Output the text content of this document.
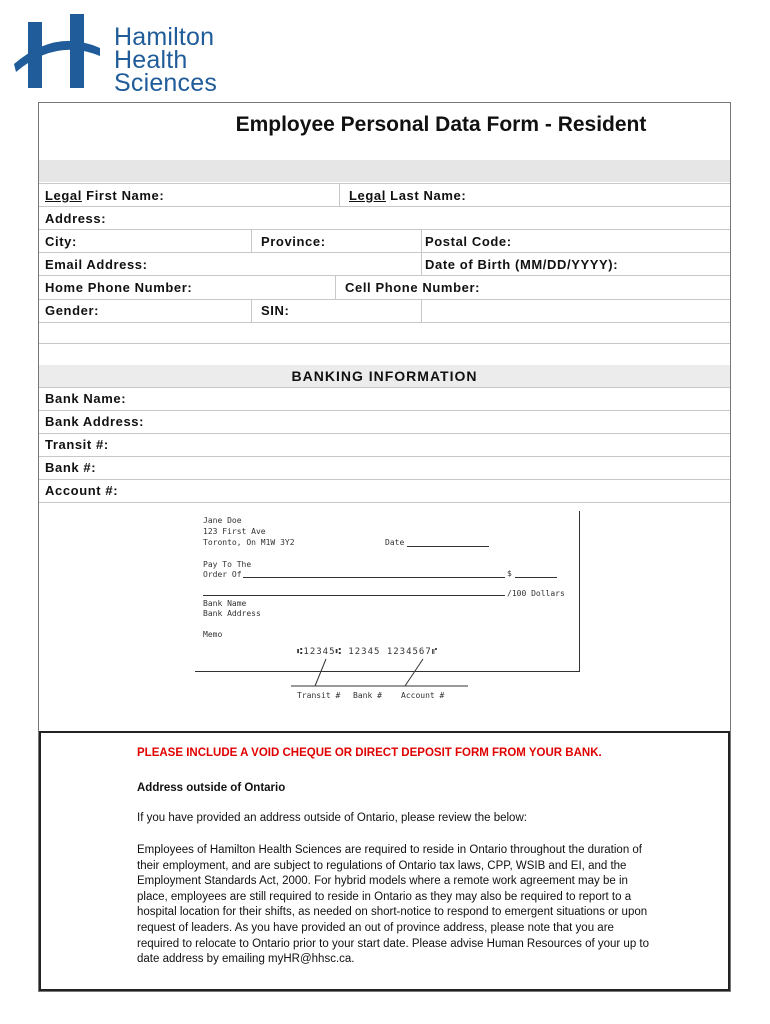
Hamilton
Health
Sciences
Employee Personal Data Form - Resident
Legal First Name:	Legal Last Name:
Address:
City:	Province:	Postal Code:
Email Address:	Date of Birth (MM/DD/YYYY):
Home Phone Number:	Cell Phone Number:
Gender:	SIN:
BANKING INFORMATION
Bank Name:
Bank Address:
Transit #:
Bank #:
Account #:
Jane Doe
123 First Ave
Toronto, On M1W 3Y2	Date
Pay To The
Order Of	$
/100 Dollars
Bank Name
Bank Address
Memo
⑆12345⑆ 12345 1234567⑈
Transit # Bank # Account #
PLEASE INCLUDE A VOID CHEQUE OR DIRECT DEPOSIT FORM FROM YOUR BANK.
Address outside of Ontario
If you have provided an address outside of Ontario, please review the below:
Employees of Hamilton Health Sciences are required to reside in Ontario throughout the duration of their employment, and are subject to regulations of Ontario tax laws, CPP, WSIB and EI, and the Employment Standards Act, 2000. For hybrid models where a remote work agreement may be in place, employees are still required to reside in Ontario as they may also be required to report to a hospital location for their shifts, as needed on short-notice to respond to emergent situations or upon request of leaders. As you have provided an out of province address, please note that you are required to relocate to Ontario prior to your start date. Please advise Human Resources of your up to date address by emailing myHR@hhsc.ca.
